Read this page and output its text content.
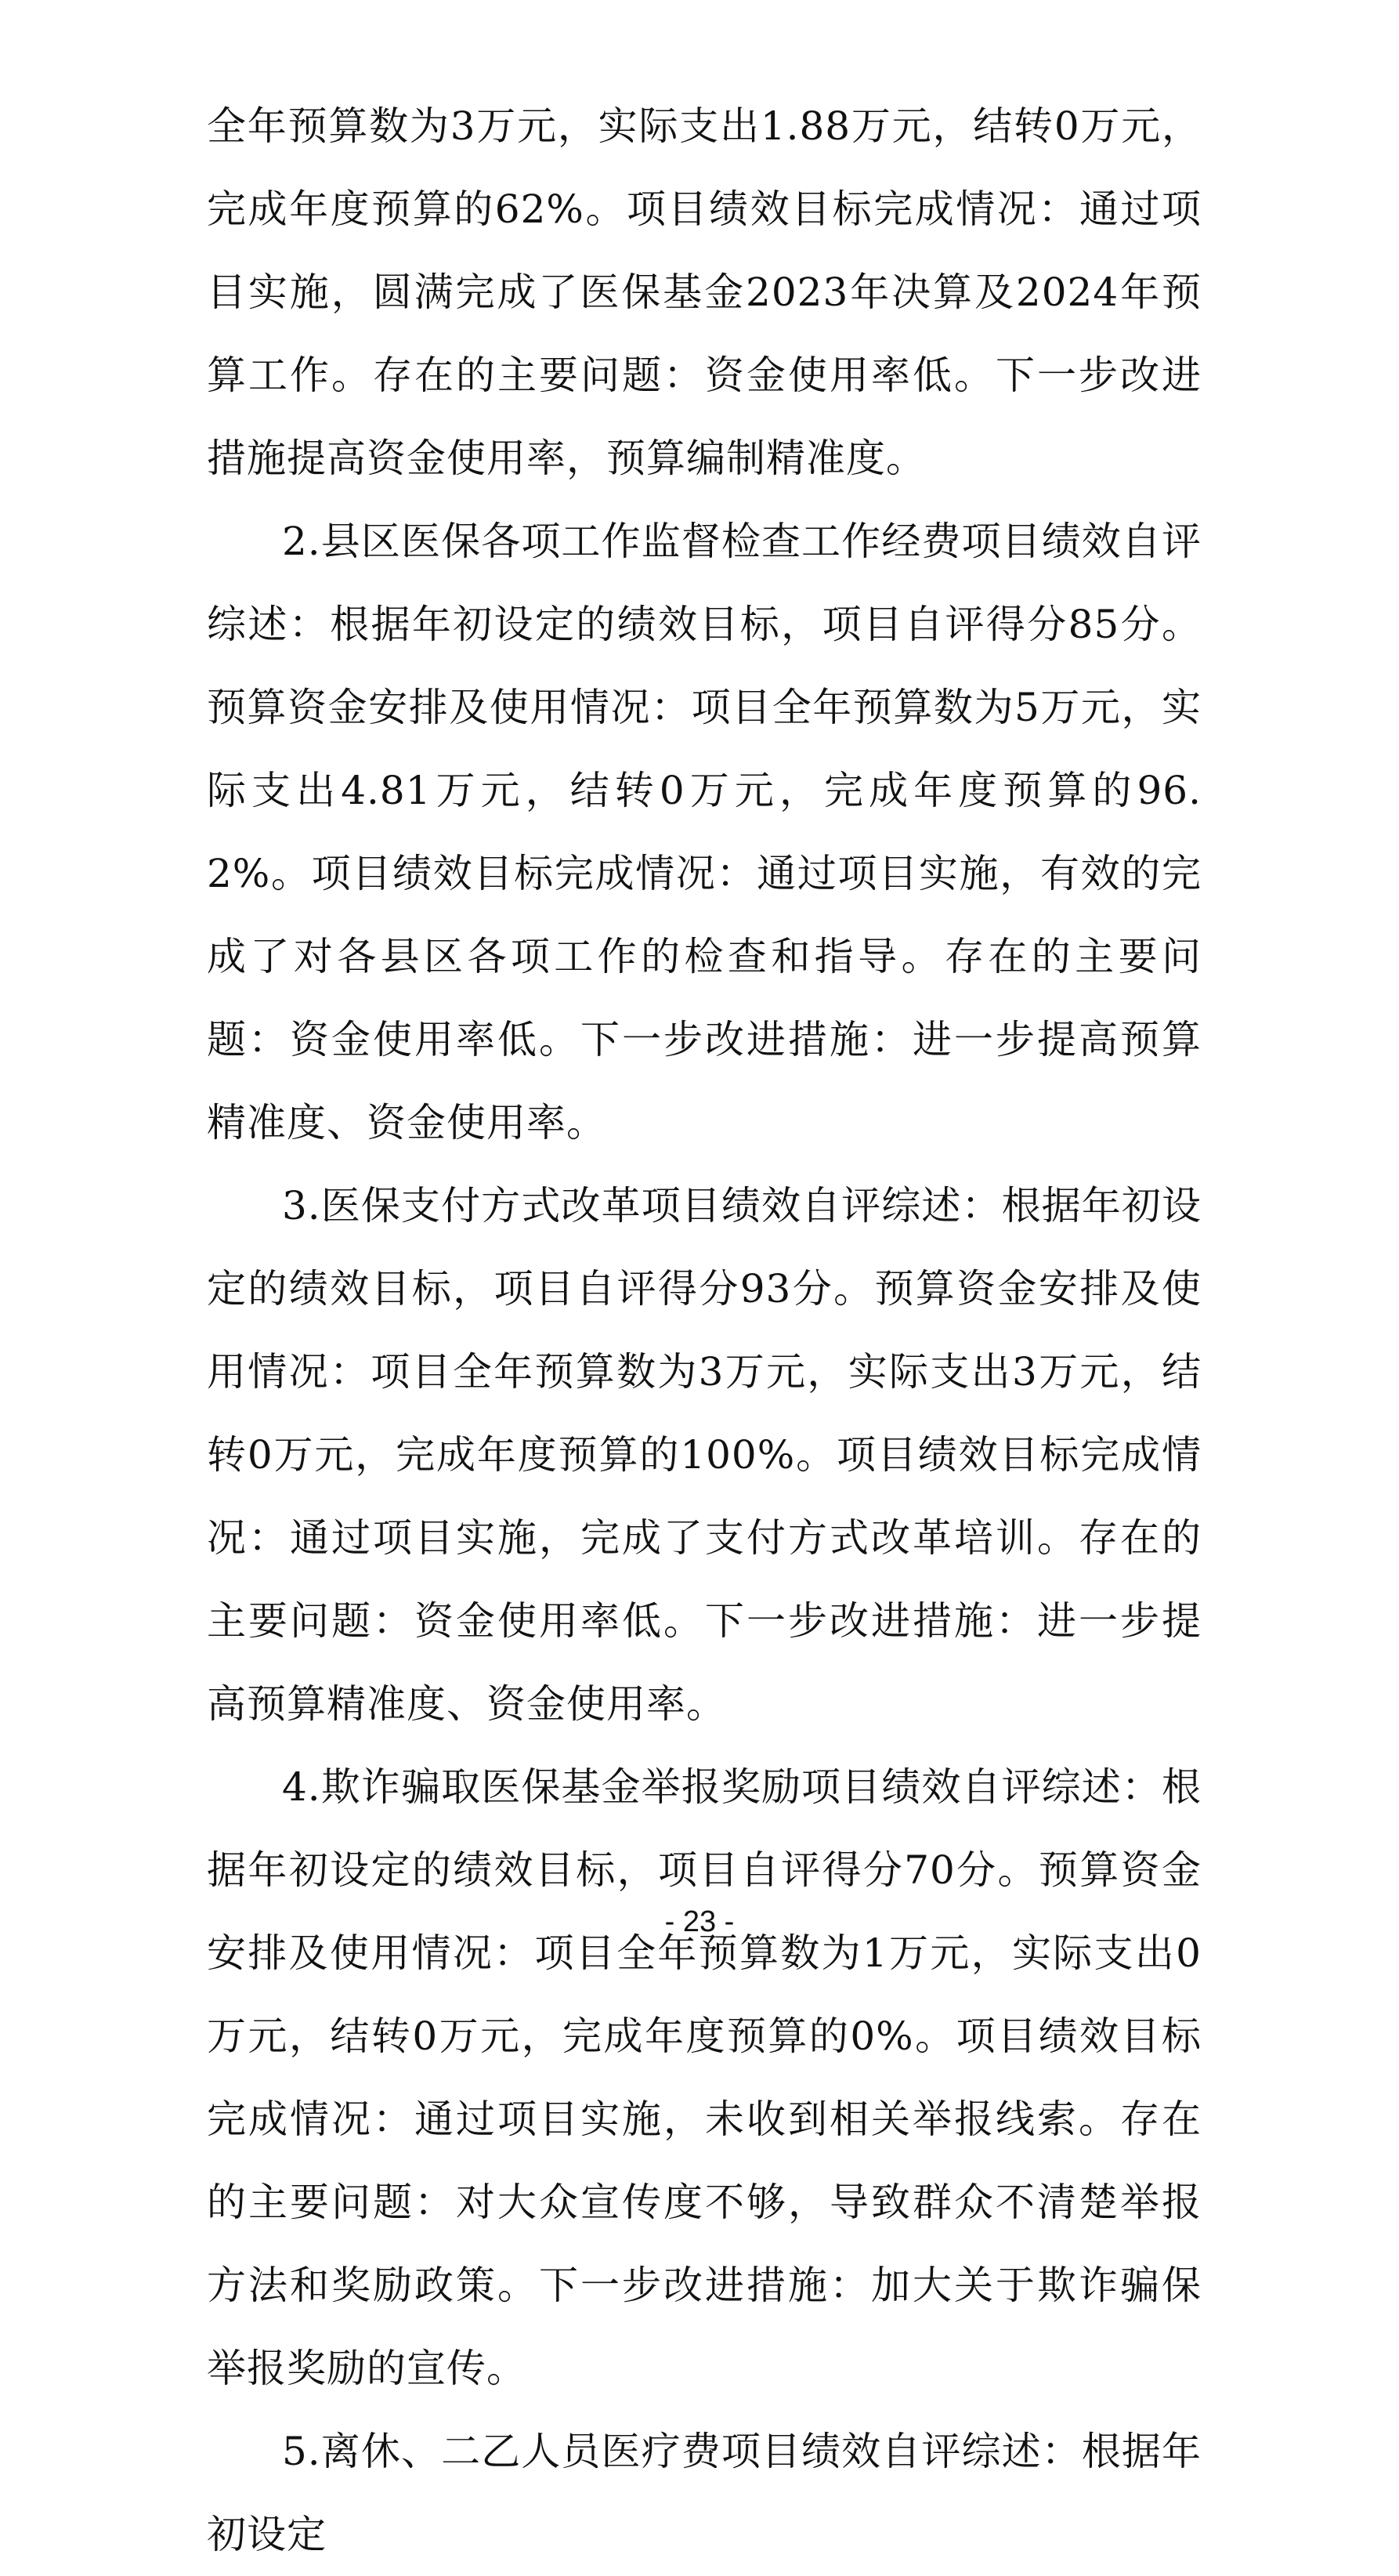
全年预算数为3万元，实际支出1.88万元，结转0万元，完成年度预算的62%。项目绩效目标完成情况：通过项目实施，圆满完成了医保基金2023年决算及2024年预算工作。存在的主要问题：资金使用率低。下一步改进措施提高资金使用率，预算编制精准度。

2.县区医保各项工作监督检查工作经费项目绩效自评综述：根据年初设定的绩效目标，项目自评得分85分。预算资金安排及使用情况：项目全年预算数为5万元，实际支出4.81万元，结转0万元，完成年度预算的96.2%。项目绩效目标完成情况：通过项目实施，有效的完成了对各县区各项工作的检查和指导。存在的主要问题：资金使用率低。下一步改进措施：进一步提高预算精准度、资金使用率。

3.医保支付方式改革项目绩效自评综述：根据年初设定的绩效目标，项目自评得分93分。预算资金安排及使用情况：项目全年预算数为3万元，实际支出3万元，结转0万元，完成年度预算的100%。项目绩效目标完成情况：通过项目实施，完成了支付方式改革培训。存在的主要问题：资金使用率低。下一步改进措施：进一步提高预算精准度、资金使用率。

4.欺诈骗取医保基金举报奖励项目绩效自评综述：根据年初设定的绩效目标，项目自评得分70分。预算资金安排及使用情况：项目全年预算数为1万元，实际支出0万元，结转0万元，完成年度预算的0%。项目绩效目标完成情况：通过项目实施，未收到相关举报线索。存在的主要问题：对大众宣传度不够，导致群众不清楚举报方法和奖励政策。下一步改进措施：加大关于欺诈骗保举报奖励的宣传。

5.离休、二乙人员医疗费项目绩效自评综述：根据年初设定

- 23 -
